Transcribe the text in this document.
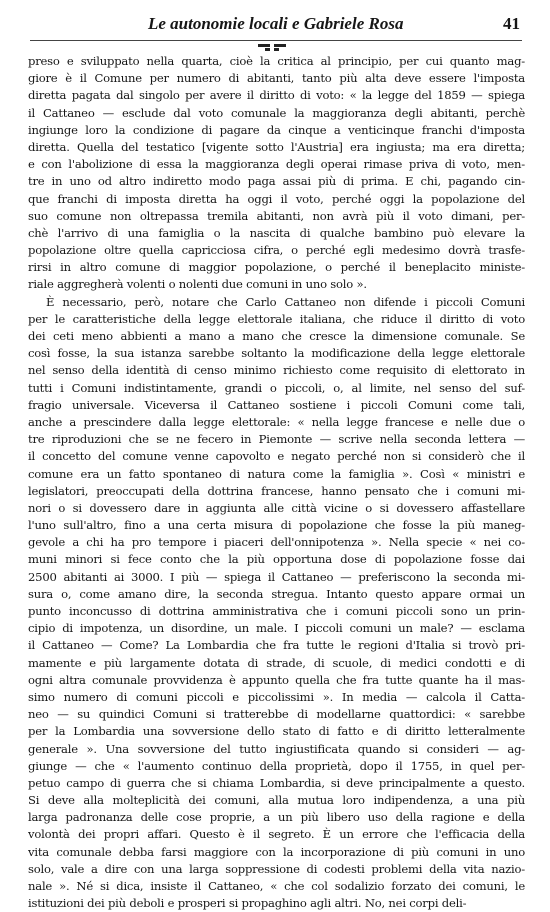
Le autonomie locali e Gabriele Rosa	41
preso e sviluppato nella quarta, cioè la critica al principio, per cui quanto mag-
giore è il Comune per numero di abitanti, tanto più alta deve essere l'imposta
diretta pagata dal singolo per avere il diritto di voto: « la legge del 1859 — spiega
il Cattaneo — esclude dal voto comunale la maggioranza degli abitanti, perchè
ingiunge loro la condizione di pagare da cinque a venticinque franchi d'imposta
diretta. Quella del testatico [vigente sotto l'Austria] era ingiusta; ma era diretta;
e con l'abolizione di essa la maggioranza degli operai rimase priva di voto, men-
tre in uno od altro indiretto modo paga assai più di prima. E chi, pagando cin-
que franchi di imposta diretta ha oggi il voto, perché oggi la popolazione del
suo comune non oltrepassa tremila abitanti, non avrà più il voto dimani, per-
chè l'arrivo di una famiglia o la nascita di qualche bambino può elevare la
popolazione oltre quella capricciosa cifra, o perché egli medesimo dovrà trasfe-
rirsi in altro comune di maggior popolazione, o perché il beneplacito ministe-
riale aggregherà volenti o nolenti due comuni in uno solo ».
È necessario, però, notare che Carlo Cattaneo non difende i piccoli Comuni
per le caratteristiche della legge elettorale italiana, che riduce il diritto di voto
dei ceti meno abbienti a mano a mano che cresce la dimensione comunale. Se
così fosse, la sua istanza sarebbe soltanto la modificazione della legge elettorale
nel senso della identità di censo minimo richiesto come requisito di elettorato in
tutti i Comuni indistintamente, grandi o piccoli, o, al limite, nel senso del suf-
fragio universale. Viceversa il Cattaneo sostiene i piccoli Comuni come tali,
anche a prescindere dalla legge elettorale: « nella legge francese e nelle due o
tre riproduzioni che se ne fecero in Piemonte — scrive nella seconda lettera —
il concetto del comune venne capovolto e negato perché non si considerò che il
comune era un fatto spontaneo di natura come la famiglia ». Così « ministri e
legislatori, preoccupati della dottrina francese, hanno pensato che i comuni mi-
nori o si dovessero dare in aggiunta alle città vicine o si dovessero affastellare
l'uno sull'altro, fino a una certa misura di popolazione che fosse la più maneg-
gevole a chi ha pro tempore i piaceri dell'onnipotenza ». Nella specie « nei co-
muni minori si fece conto che la più opportuna dose di popolazione fosse dai
2500 abitanti ai 3000. I più — spiega il Cattaneo — preferiscono la seconda mi-
sura o, come amano dire, la seconda stregua. Intanto questo appare ormai un
punto inconcusso di dottrina amministrativa che i comuni piccoli sono un prin-
cipio di impotenza, un disordine, un male. I piccoli comuni un male? — esclama
il Cattaneo — Come? La Lombardia che fra tutte le regioni d'Italia si trovò pri-
mamente e più largamente dotata di strade, di scuole, di medici condotti e di
ogni altra comunale provvidenza è appunto quella che fra tutte quante ha il mas-
simo numero di comuni piccoli e piccolissimi ». In media — calcola il Catta-
neo — su quindici Comuni si tratterebbe di modellarne quattordici: « sarebbe
per la Lombardia una sovversione dello stato di fatto e di diritto letteralmente
generale ». Una sovversione del tutto ingiustificata quando si consideri — ag-
giunge — che « l'aumento continuo della proprietà, dopo il 1755, in quel per-
petuo campo di guerra che si chiama Lombardia, si deve principalmente a questo.
Si deve alla molteplicità dei comuni, alla mutua loro indipendenza, a una più
larga padronanza delle cose proprie, a un più libero uso della ragione e della
volontà dei propri affari. Questo è il segreto. È un errore che l'efficacia della
vita comunale debba farsi maggiore con la incorporazione di più comuni in uno
solo, vale a dire con una larga soppressione di codesti problemi della vita nazio-
nale ». Né si dica, insiste il Cattaneo, « che col sodalizio forzato dei comuni, le
istituzioni dei più deboli e prosperi si propaghino agli altri. No, nei corpi deli-
